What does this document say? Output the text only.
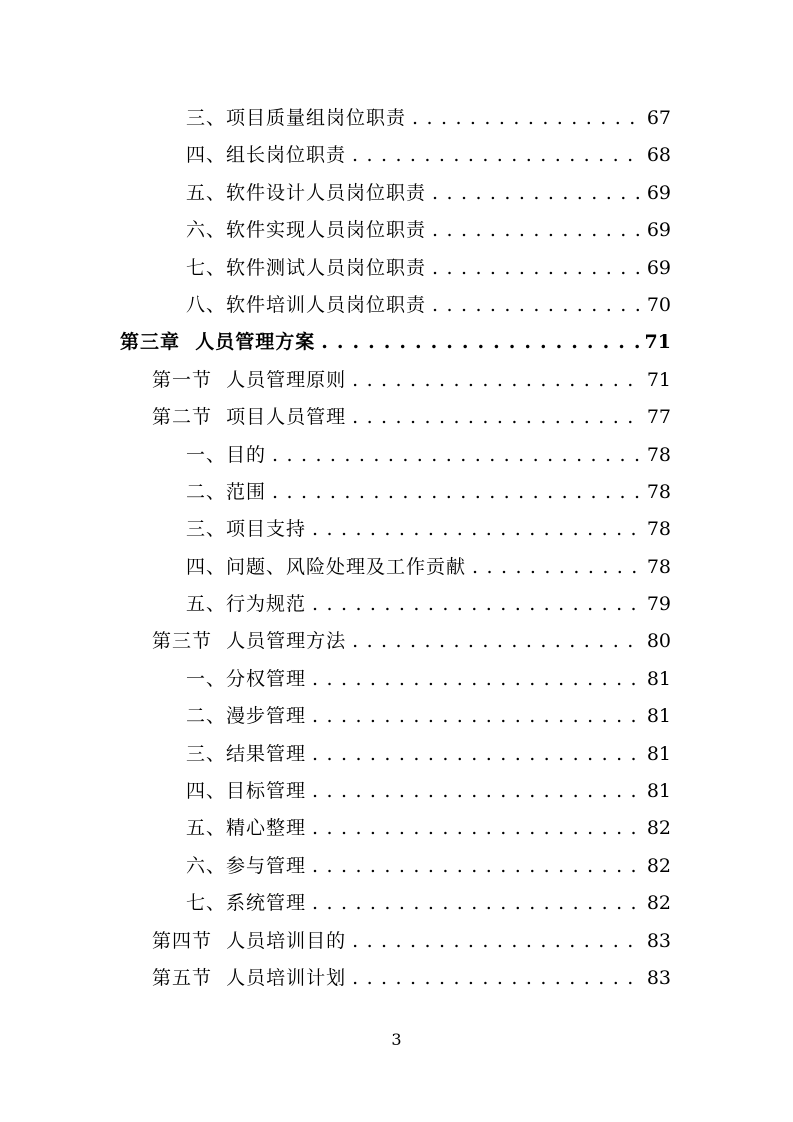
三、项目质量组岗位职责 . . .	67
四、组长岗位职责 . . .	68
五、软件设计人员岗位职责 . . .	69
六、软件实现人员岗位职责 . . .	69
七、软件测试人员岗位职责 . . .	69
八、软件培训人员岗位职责 . . .	70
第三章  人员管理方案 . . .	71
第一节  人员管理原则 . . .	71
第二节  项目人员管理 . . .	77
一、目的 . . .	78
二、范围 . . .	78
三、项目支持 . . .	78
四、问题、风险处理及工作贡献 . . .	78
五、行为规范 . . .	79
第三节  人员管理方法 . . .	80
一、分权管理 . . .	81
二、漫步管理 . . .	81
三、结果管理 . . .	81
四、目标管理 . . .	81
五、精心整理 . . .	82
六、参与管理 . . .	82
七、系统管理 . . .	82
第四节  人员培训目的 . . .	83
第五节  人员培训计划 . . .	83
3
